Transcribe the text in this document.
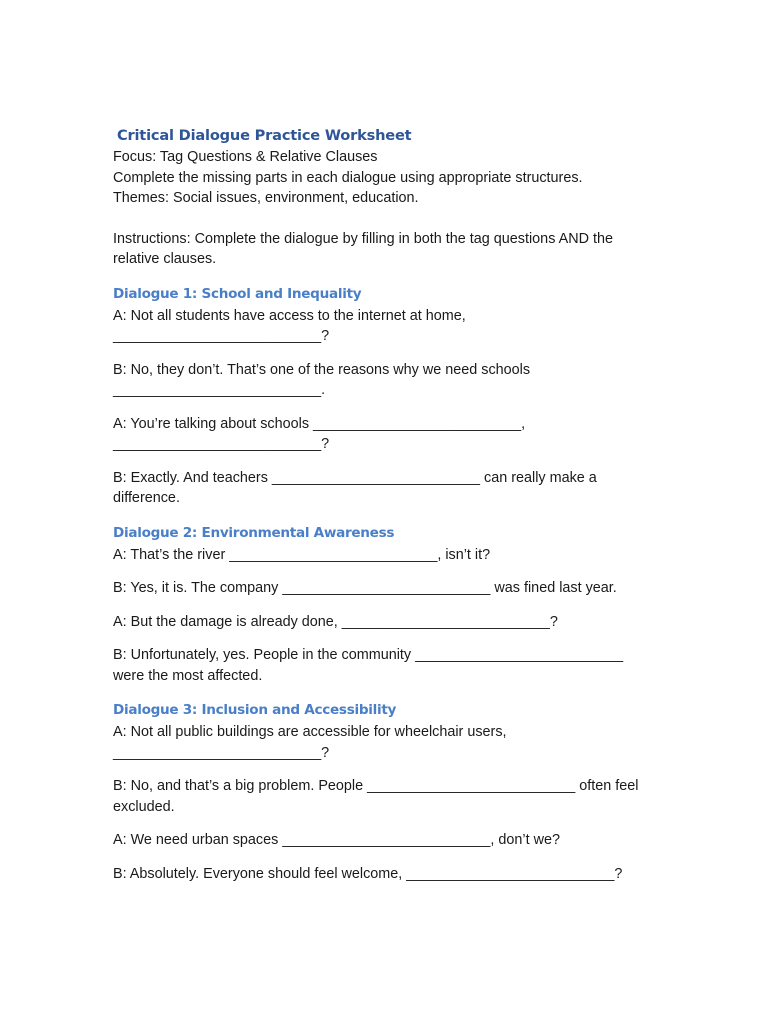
Critical Dialogue Practice Worksheet

Focus: Tag Questions & Relative Clauses

Complete the missing parts in each dialogue using appropriate structures.

Themes: Social issues, environment, education.

Instructions: Complete the dialogue by filling in both the tag questions AND the relative clauses.

Dialogue 1: School and Inequality

A: Not all students have access to the internet at home, __________________________?

B: No, they don’t. That’s one of the reasons why we need schools __________________________.

A: You’re talking about schools __________________________, __________________________?

B: Exactly. And teachers __________________________ can really make a difference.

Dialogue 2: Environmental Awareness

A: That’s the river __________________________, isn’t it?

B: Yes, it is. The company __________________________ was fined last year.

A: But the damage is already done, __________________________?

B: Unfortunately, yes. People in the community __________________________ were the most affected.

Dialogue 3: Inclusion and Accessibility

A: Not all public buildings are accessible for wheelchair users, __________________________?

B: No, and that’s a big problem. People __________________________ often feel excluded.

A: We need urban spaces __________________________, don’t we?

B: Absolutely. Everyone should feel welcome, __________________________?
